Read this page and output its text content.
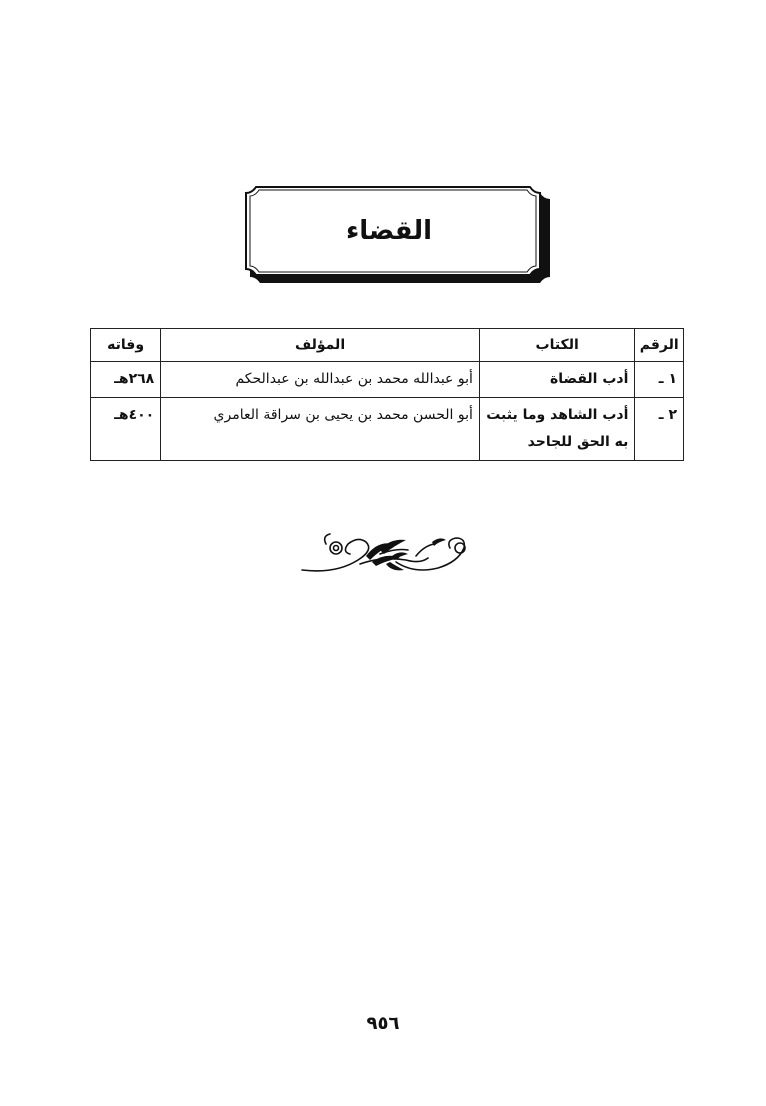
القضاء
الرقم	الكتاب	المؤلف	وفاته
١ ـ	أدب القضاة	أبو عبدالله محمد بن عبدالله بن عبدالحكم	٢٦٨هـ
٢ ـ	أدب الشاهد وما يثبت به الحق للجاحد	أبو الحسن محمد بن يحيى بن سراقة العامري	٤٠٠هـ
٩٥٦
